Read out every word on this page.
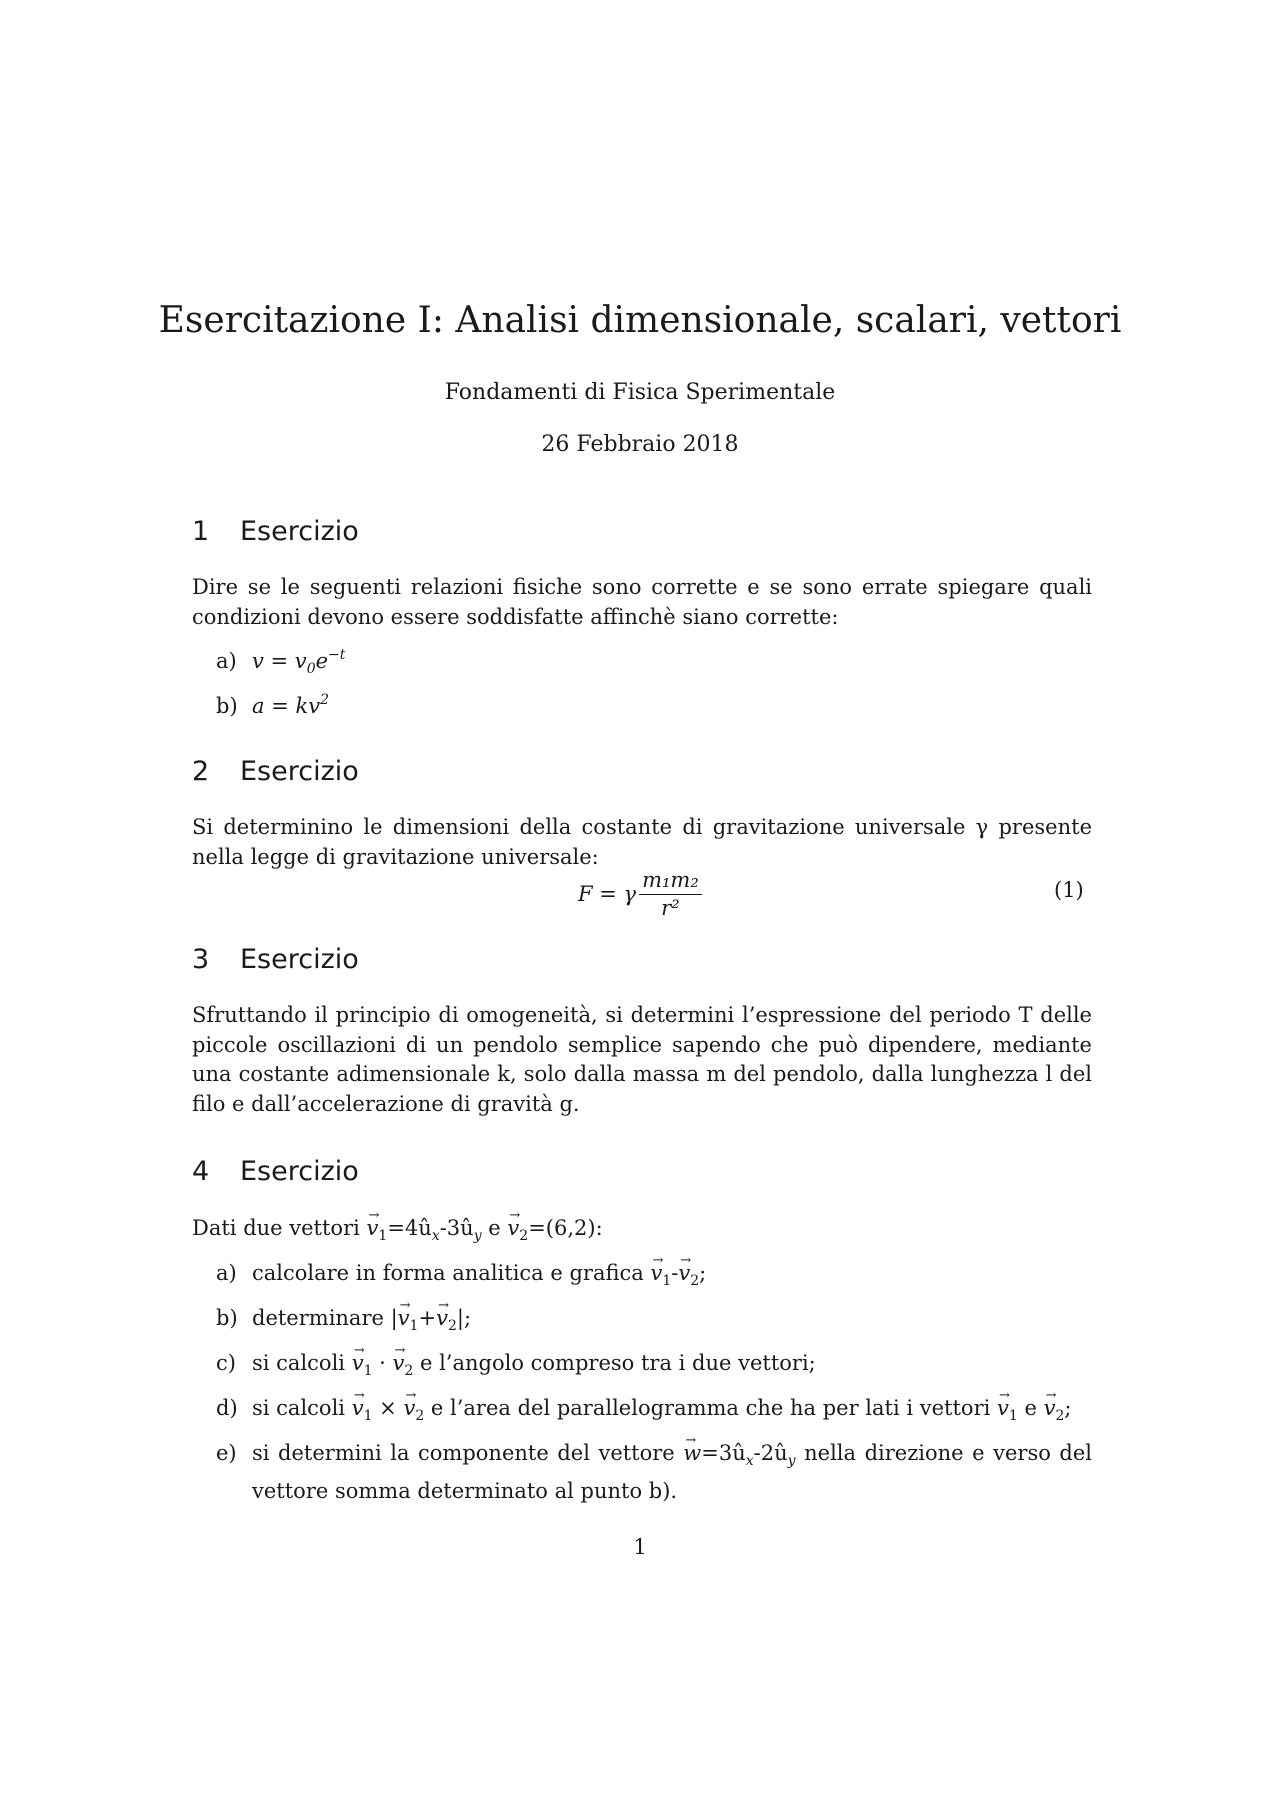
Esercitazione I: Analisi dimensionale, scalari, vettori
Fondamenti di Fisica Sperimentale
26 Febbraio 2018
1 Esercizio
Dire se le seguenti relazioni fisiche sono corrette e se sono errate spiegare quali condizioni devono essere soddisfatte affinchè siano corrette:
a) $v = v_0e^{-t}$
b) $a = kv^2$
2 Esercizio
Si determinino le dimensioni della costante di gravitazione universale γ presente nella legge di gravitazione universale:
F = γ $\frac{\text{m₁m₂}}{\text{r²}}$	(1)
3 Esercizio
Sfruttando il principio di omogeneità, si determini l’espressione del periodo T delle piccole oscillazioni di un pendolo semplice sapendo che può dipendere, mediante una costante adimensionale k, solo dalla massa m del pendolo, dalla lunghezza l del filo e dall’accelerazione di gravità g.
4 Esercizio
Dati due vettori → $v_1=4û_x-3û_y$ $e \to v_2=(6,2)$:
a) calcolare in forma analitica e grafica → $v_1-\to v_2$;
b) determinare |→ $v_1+\to v_2|$;
c) si calcoli → $v_1$ · → $v_2$ e l’angolo compreso tra i due vettori;
d) si calcoli → $v_1$ × → $v_2$ e l’area del parallelogramma che ha per lati i vettori → $v_1$ $e \to v_2$;
e) si determini la componente del vettore → $w=3û_x-2û_y$ nella direzione e verso del vettore somma determinato al punto b).
1
